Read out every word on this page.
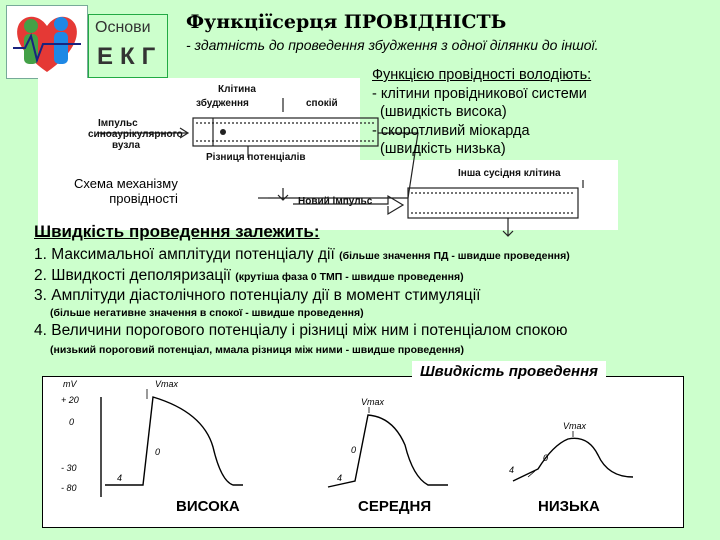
Основи
ЕКГ
Функціїсерця ПРОВІДНІСТЬ
- здатність до проведення збудження з одної ділянки до іншої.
Клітина
збудження	спокій
Імпульс
синоаурікулярного
вузла
Різниця потенціалів
Інша сусідня клітина
Новий імпульс
Схема механізму
провідності
Функцією провідності володіють:
- клітини провідникової системи
(швидкість висока)
- скоротливий міокарда
(швидкість низька)
Швидкість проведення залежить:
1. Максимальної амплітуди потенціалу дії (більше значення ПД - швидше проведення)
2. Швидкості деполяризації (крутіша фаза 0 ТМП - швидше проведення)
3. Амплітуди діастолічного потенціалу дії в момент стимуляції
(більше негативне значення в спокої - швидше проведення)
4. Величини порогового потенціалу і різниці між ним і потенціалом спокою
(низький пороговий потенціал, ммала різниця між ними - швидше проведення)
mV
+ 20
0
- 30
- 80
Vmax
Vmax
Vmax
0
4
0
4
0
4
Швидкість проведення
ВИСОКА	СЕРЕДНЯ	НИЗЬКА
